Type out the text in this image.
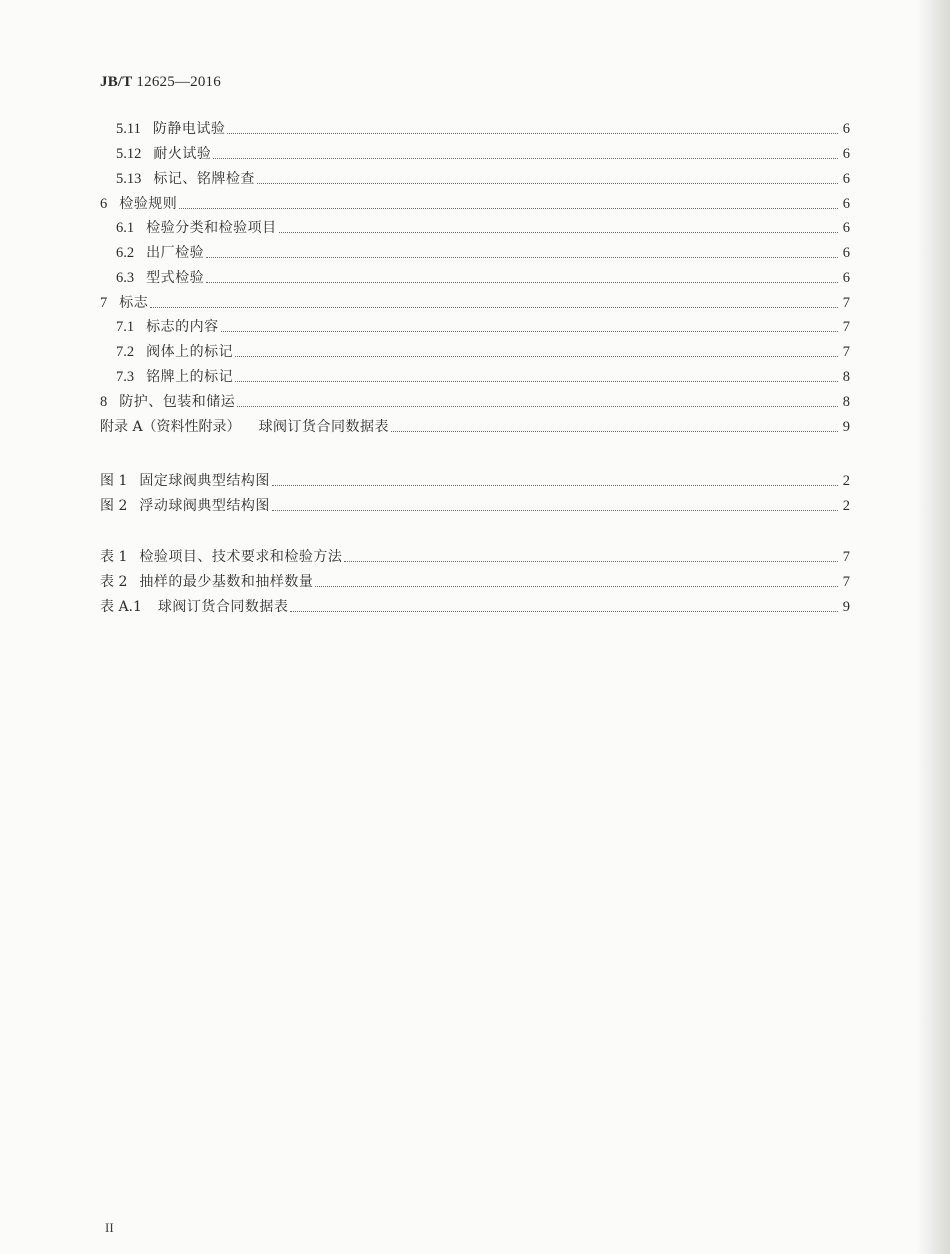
JB/T 12625—2016
5.11 防静电试验	6
5.12 耐火试验	6
5.13 标记、铭牌检查	6
6 检验规则	6
6.1 检验分类和检验项目	6
6.2 出厂检验	6
6.3 型式检验	6
7 标志	7
7.1 标志的内容	7
7.2 阀体上的标记	7
7.3 铭牌上的标记	8
8 防护、包装和储运	8
附录 A（资料性附录） 球阀订货合同数据表	9
图 1 固定球阀典型结构图	2
图 2 浮动球阀典型结构图	2
表 1 检验项目、技术要求和检验方法	7
表 2 抽样的最少基数和抽样数量	7
表 A.1 球阀订货合同数据表	9
II
